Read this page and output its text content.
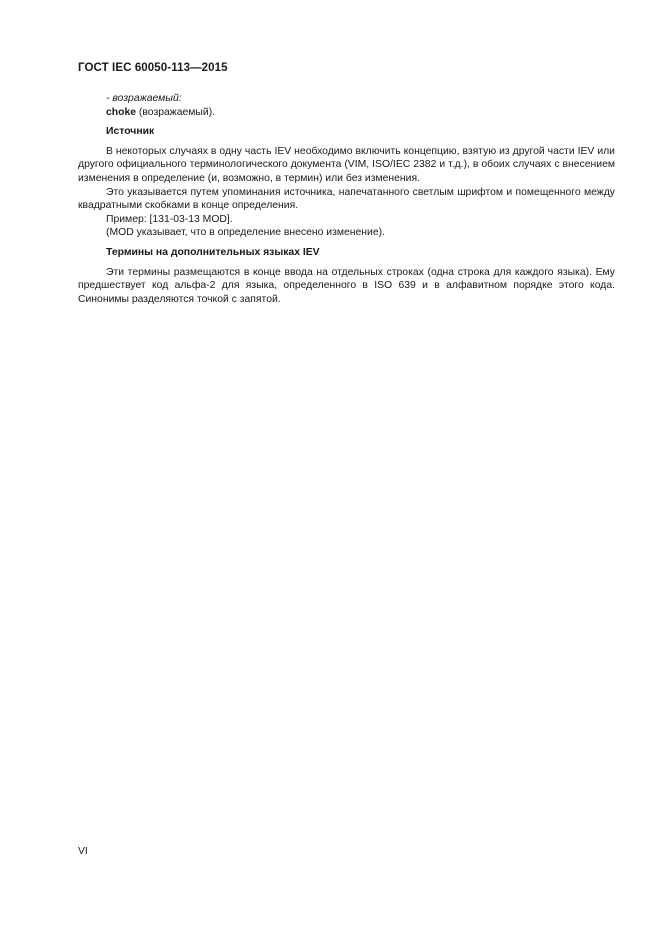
ГОСТ IEC 60050-113—2015

- возражаемый:

choke (возражаемый).

Источник

В некоторых случаях в одну часть IEV необходимо включить концепцию, взятую из другой части IEV или другого официального терминологического документа (VIM, ISO/IEC 2382 и т.д.), в обоих случаях с внесением изменения в определение (и, возможно, в термин) или без изменения.

Это указывается путем упоминания источника, напечатанного светлым шрифтом и помещенного между квадратными скобками в конце определения.

Пример: [131-03-13 MOD].

(MOD указывает, что в определение внесено изменение).

Термины на дополнительных языках IEV

Эти термины размещаются в конце ввода на отдельных строках (одна строка для каждого языка). Ему предшествует код альфа-2 для языка, определенного в ISO 639 и в алфавитном порядке этого кода. Синонимы разделяются точкой с запятой.

VI
